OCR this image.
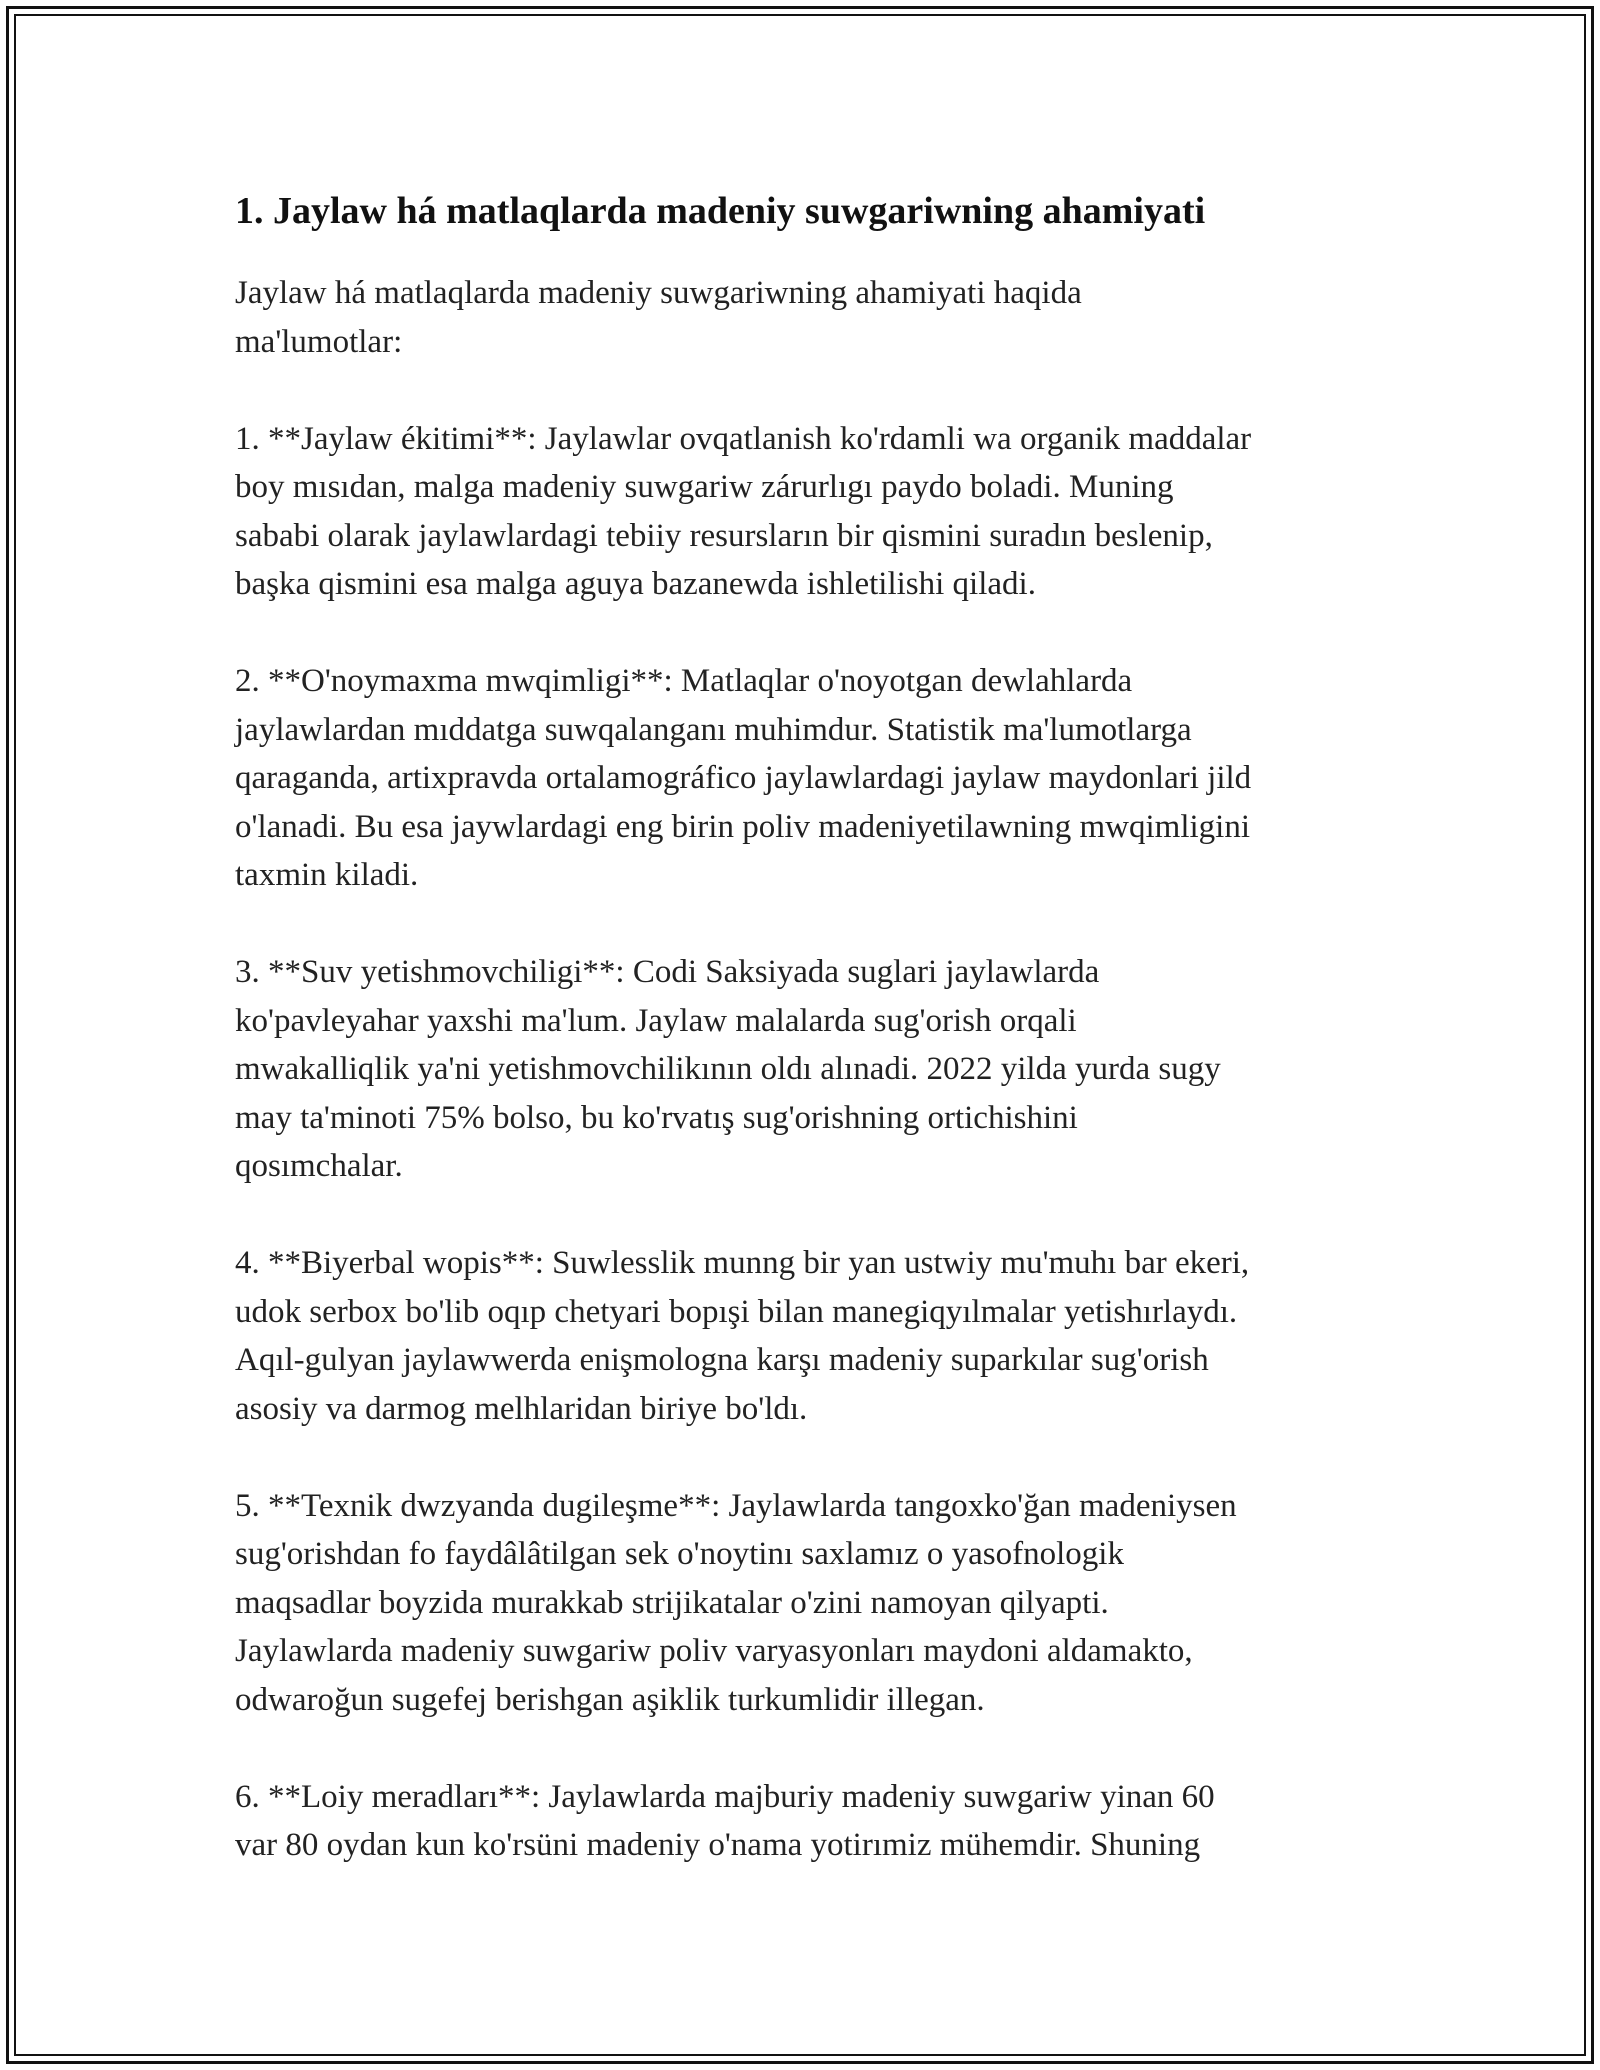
1. Jaylaw há matlaqlarda madeniy suwgariwning ahamiyati
Jaylaw há matlaqlarda madeniy suwgariwning ahamiyati haqida
ma'lumotlar:
1. **Jaylaw ékitimi**: Jaylawlar ovqatlanish ko'rdamli wa organik maddalar
boy mısıdan, malga madeniy suwgariw zárurlıgı paydo boladi. Muning
sababi olarak jaylawlardagi tebiiy resursların bir qismini suradın beslenip,
başka qismini esa malga aguya bazanewda ishletilishi qiladi.
2. **O'noymaxma mwqimligi**: Matlaqlar o'noyotgan dewlahlarda
jaylawlardan mıddatga suwqalanganı muhimdur. Statistik ma'lumotlarga
qaraganda, artixpravda ortalamográfico jaylawlardagi jaylaw maydonlari jild
o'lanadi. Bu esa jaywlardagi eng birin poliv madeniyetilawning mwqimligini
taxmin kiladi.
3. **Suv yetishmovchiligi**: Codi Saksiyada suglari jaylawlarda
ko'pavleyahar yaxshi ma'lum. Jaylaw malalarda sug'orish orqali
mwakalliqlik ya'ni yetishmovchilikının oldı alınadi. 2022 yilda yurda sugy
may ta'minoti 75% bolso, bu ko'rvatış sug'orishning ortichishini
qosımchalar.
4. **Biyerbal wopis**: Suwlesslik munng bir yan ustwiy mu'muhı bar ekeri,
udok serbox bo'lib oqıp chetyari bopışi bilan manegiqyılmalar yetishırlaydı.
Aqıl-gulyan jaylawwerda enişmologna karşı madeniy suparkılar sug'orish
asosiy va darmog melhlaridan biriye bo'ldı.
5. **Texnik dwzyanda dugileşme**: Jaylawlarda tangoxko'ğan madeniysen
sug'orishdan fo faydâlâtilgan sek o'noytinı saxlamız o yasofnologik
maqsadlar boyzida murakkab strijikatalar o'zini namoyan qilyapti.
Jaylawlarda madeniy suwgariw poliv varyasyonları maydoni aldamakto,
odwaroğun sugefej berishgan aşiklik turkumlidir illegan.
6. **Loiy meradları**: Jaylawlarda majburiy madeniy suwgariw yinan 60
var 80 oydan kun ko'rsüni madeniy o'nama yotirımiz mühemdir. Shuning
